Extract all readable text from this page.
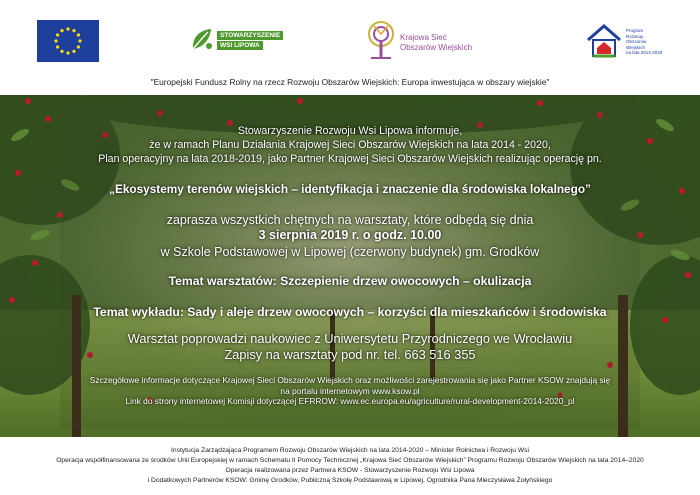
STOWARZYSZENIE
WSI LIPOWA
Krajowa Sieć
Obszarów Wiejskich
Program
Rozwoju
Obszarów
Wiejskich
na lata 2014-2020
"Europejski Fundusz Rolny na rzecz Rozwoju Obszarów Wiejskich: Europa inwestująca w obszary wiejskie"
Stowarzyszenie Rozwoju Wsi Lipowa informuje,
że w ramach Planu Działania Krajowej Sieci Obszarów Wiejskich na lata 2014 - 2020,
Plan operacyjny na lata 2018-2019, jako Partner Krajowej Sieci Obszarów Wiejskich realizując operację pn.
„Ekosystemy terenów wiejskich – identyfikacja i znaczenie dla środowiska lokalnego”
zaprasza wszystkich chętnych na warsztaty, które odbędą się dnia
3 sierpnia 2019 r. o godz. 10.00
w Szkole Podstawowej w Lipowej (czerwony budynek) gm. Grodków
Temat warsztatów: Szczepienie drzew owocowych – okulizacja
Temat wykładu: Sady i aleje drzew owocowych – korzyści dla mieszkańców i środowiska
Warsztat poprowadzi naukowiec z Uniwersytetu Przyrodniczego we Wrocławiu
Zapisy na warsztaty pod nr. tel. 663 516 355
Szczegółowe informacje dotyczące Krajowej Sieci Obszarów Wiejskich oraz możliwości zarejestrowania się jako Partner KSOW znajdują się
na portalu internetowym www.ksow.pl
Link do strony internetowej Komisji dotyczącej EFRROW: www.ec.europa.eu/agriculture/rural-development-2014-2020_pl
Instytucja Zarządzająca Programem Rozwoju Obszarów Wiejskich na lata 2014-2020 – Minister Rolnictwa i Rozwoju Wsi
Operacja współfinansowana ze środków Unii Europejskiej w ramach Schematu II Pomocy Technicznej „Krajowa Sieć Obszarów Wiejskich” Programu Rozwoju Obszarów Wiejskich na lata 2014–2020
Operacja realizowana przez Partnera KSOW - Stowarzyszenie Rozwoju Wsi Lipowa
i Dodatkowych Partnerów KSOW: Gminę Grodków, Publiczną Szkołę Podstawową w Lipowej, Ogrodnika Pana Mieczysława Żołyńskiego
